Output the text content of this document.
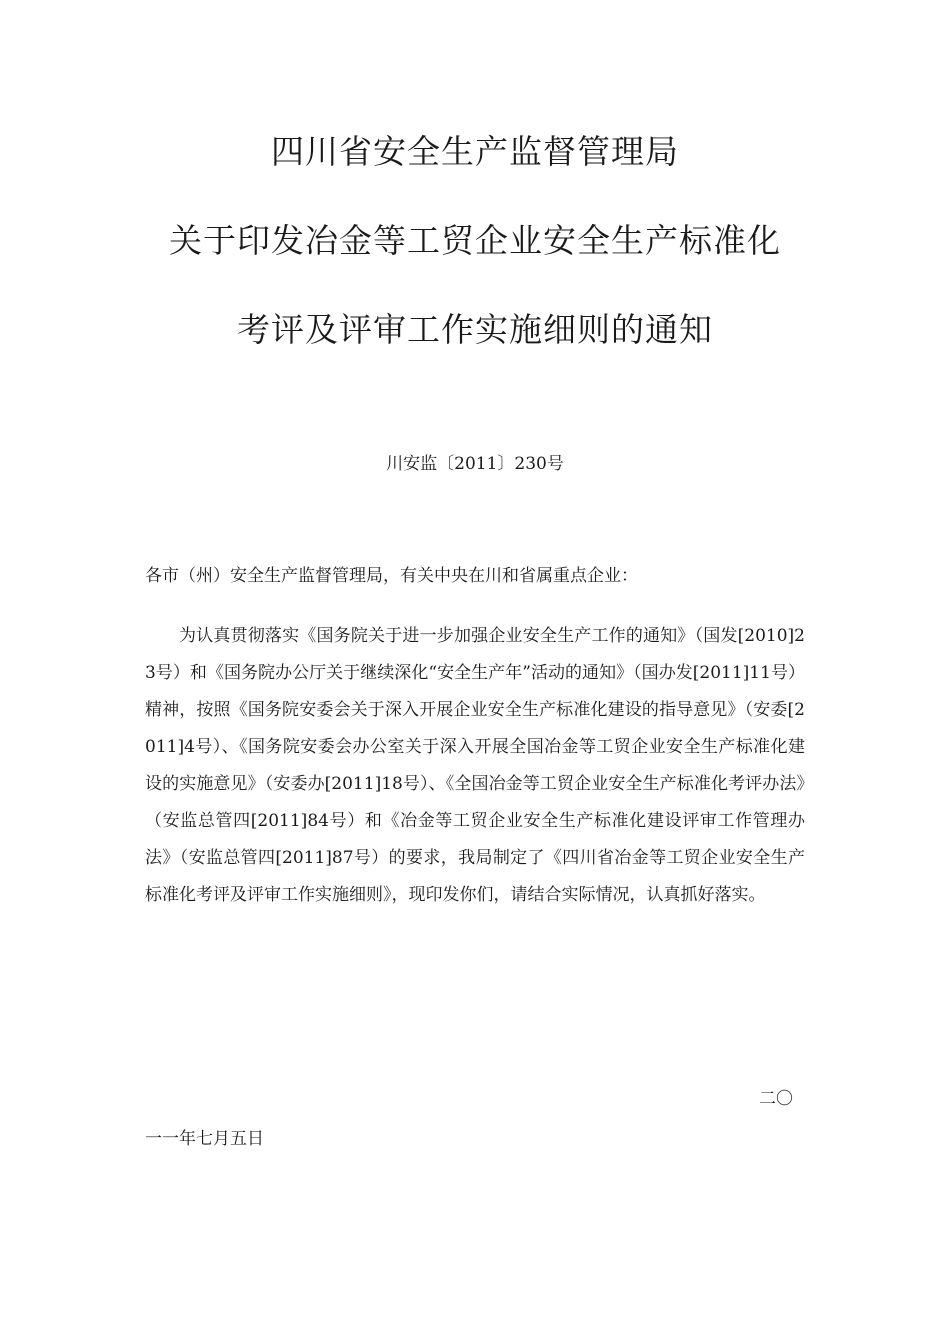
四川省安全生产监督管理局
关于印发冶金等工贸企业安全生产标准化
考评及评审工作实施细则的通知
川安监〔2011〕230号
各市（州）安全生产监督管理局，有关中央在川和省属重点企业：
为认真贯彻落实《国务院关于进一步加强企业安全生产工作的通知》（国发[2010]23号）和《国务院办公厅关于继续深化“安全生产年”活动的通知》（国办发[2011]11号）精神，按照《国务院安委会关于深入开展企业安全生产标准化建设的指导意见》（安委[2011]4号）、《国务院安委会办公室关于深入开展全国冶金等工贸企业安全生产标准化建设的实施意见》（安委办[2011]18号）、《全国冶金等工贸企业安全生产标准化考评办法》（安监总管四[2011]84号）和《冶金等工贸企业安全生产标准化建设评审工作管理办法》（安监总管四[2011]87号）的要求，我局制定了《四川省冶金等工贸企业安全生产标准化考评及评审工作实施细则》，现印发你们，请结合实际情况，认真抓好落实。
二〇
一一年七月五日
